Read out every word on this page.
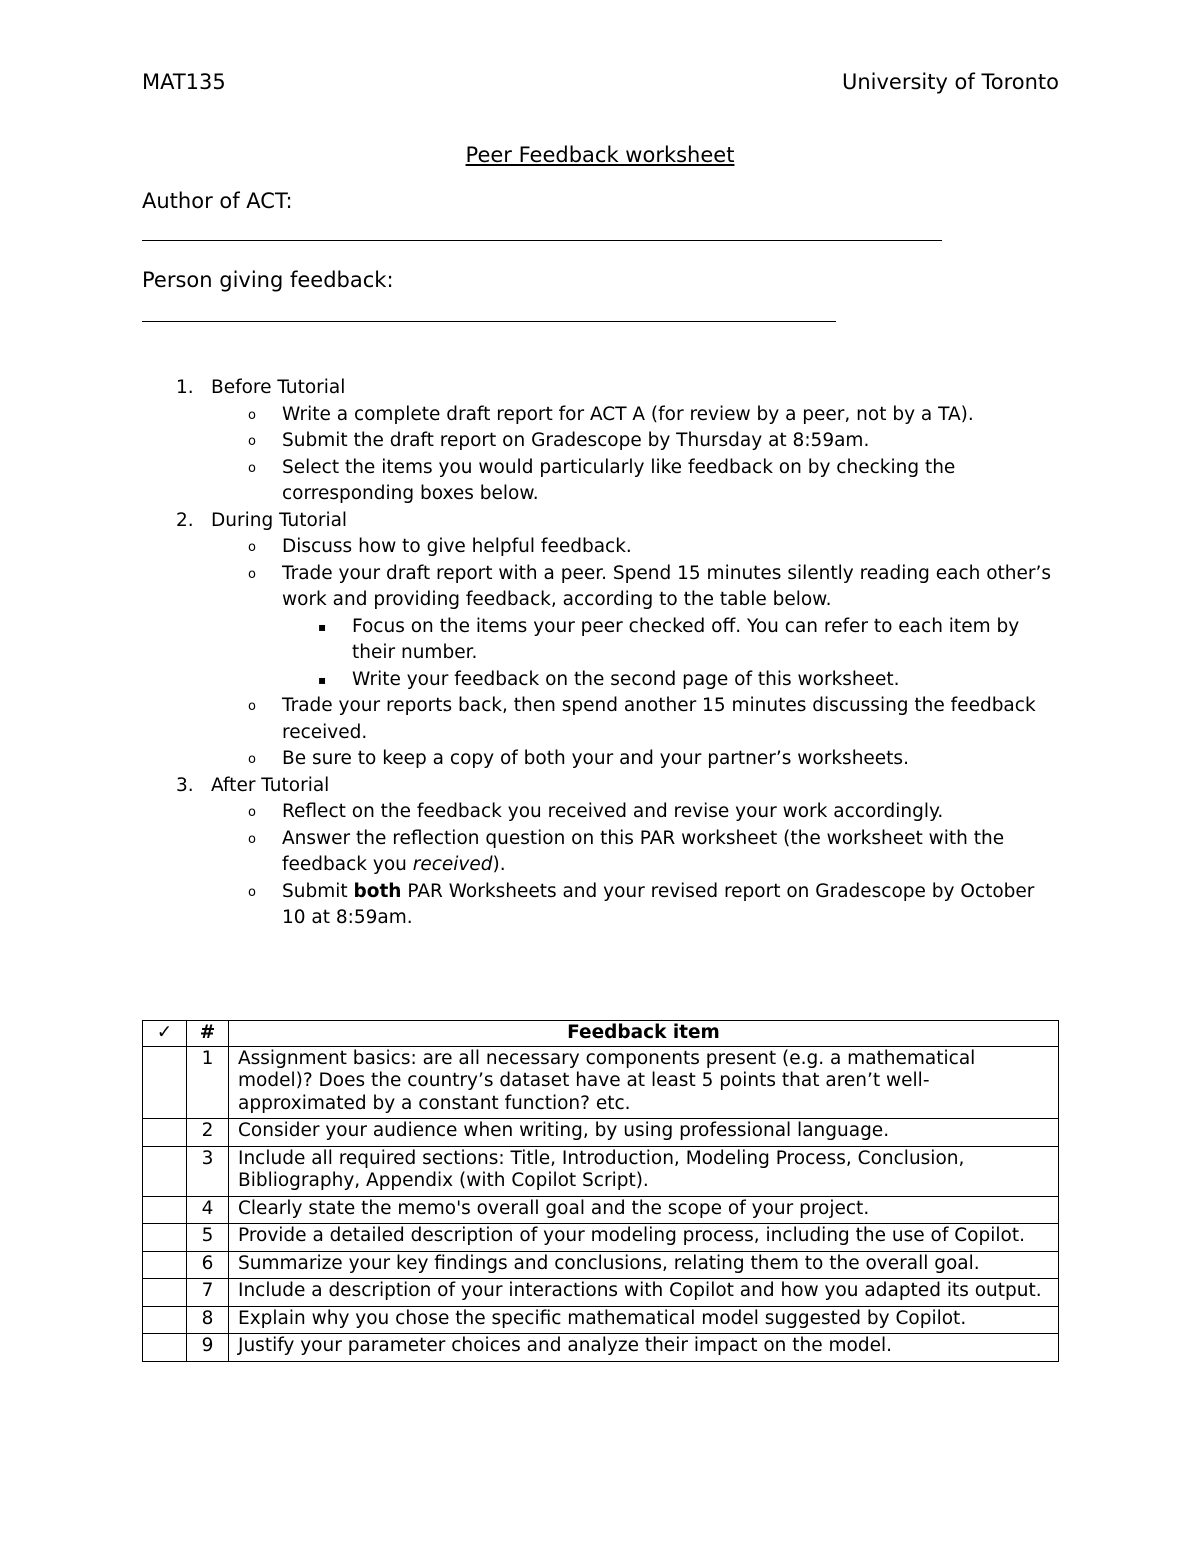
MAT135	University of Toronto
Peer Feedback worksheet
Author of ACT:
Person giving feedback:
1. Before Tutorial
o Write a complete draft report for ACT A (for review by a peer, not by a TA).
o Submit the draft report on Gradescope by Thursday at 8:59am.
o Select the items you would particularly like feedback on by checking the corresponding boxes below.
2. During Tutorial
o Discuss how to give helpful feedback.
o Trade your draft report with a peer. Spend 15 minutes silently reading each other’s work and providing feedback, according to the table below.
▪ Focus on the items your peer checked off. You can refer to each item by their number.
▪ Write your feedback on the second page of this worksheet.
o Trade your reports back, then spend another 15 minutes discussing the feedback received.
o Be sure to keep a copy of both your and your partner’s worksheets.
3. After Tutorial
o Reflect on the feedback you received and revise your work accordingly.
o Answer the reflection question on this PAR worksheet (the worksheet with the feedback you received).
o Submit both PAR Worksheets and your revised report on Gradescope by October 10 at 8:59am.
✓	#	Feedback item
	1	Assignment basics: are all necessary components present (e.g. a mathematical model)? Does the country’s dataset have at least 5 points that aren’t well-approximated by a constant function? etc.
	2	Consider your audience when writing, by using professional language.
	3	Include all required sections: Title, Introduction, Modeling Process, Conclusion, Bibliography, Appendix (with Copilot Script).
	4	Clearly state the memo's overall goal and the scope of your project.
	5	Provide a detailed description of your modeling process, including the use of Copilot.
	6	Summarize your key findings and conclusions, relating them to the overall goal.
	7	Include a description of your interactions with Copilot and how you adapted its output.
	8	Explain why you chose the specific mathematical model suggested by Copilot.
	9	Justify your parameter choices and analyze their impact on the model.
